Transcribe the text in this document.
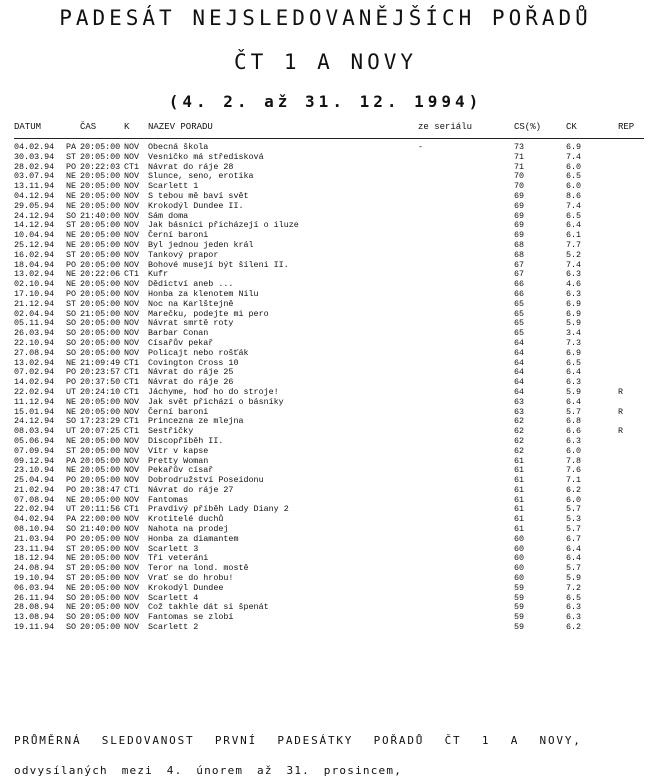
PADESÁT NEJSLEDOVANĚJŠÍCH POŘADŮ
ČT 1 A NOVY
(4. 2. až 31. 12. 1994)
DATUM	ČAS	K	NAZEV PORADU	ze seriálu	CS(%)	CK	REP
04.02.94	PA	20:05:00	NOV	Obecná škola	-	73	6.9	
30.03.94	ST	20:05:00	NOV	Vesničko má středisková		71	7.4	
28.02.94	PO	20:22:03	CT1	Návrat do ráje 28		71	6.0	
03.07.94	NE	20:05:00	NOV	Slunce, seno, erotika		70	6.5	
13.11.94	NE	20:05:00	NOV	Scarlett 1		70	6.0	
04.12.94	NE	20:05:00	NOV	S tebou mě baví svět		69	8.6	
29.05.94	NE	20:05:00	NOV	Krokodýl Dundee II.		69	7.4	
24.12.94	SO	21:40:00	NOV	Sám doma		69	6.5	
14.12.94	ST	20:05:00	NOV	Jak básníci přicházejí o iluze		69	6.4	
10.04.94	NE	20:05:00	NOV	Černí baroni		69	6.1	
25.12.94	NE	20:05:00	NOV	Byl jednou jeden král		68	7.7	
16.02.94	ST	20:05:00	NOV	Tankový prapor		68	5.2	
18.04.94	PO	20:05:00	NOV	Bohové musejí být šíleni II.		67	7.4	
13.02.94	NE	20:22:06	CT1	Kufr		67	6.3	
02.10.94	NE	20:05:00	NOV	Dědictví aneb ...		66	4.6	
17.10.94	PO	20:05:00	NOV	Honba za klenotem Nilu		66	6.3	
21.12.94	ST	20:05:00	NOV	Noc na Karlštejně		65	6.9	
02.04.94	SO	21:05:00	NOV	Marečku, podejte mi pero		65	6.9	
05.11.94	SO	20:05:00	NOV	Návrat smrtě roty		65	5.9	
26.03.94	SO	20:05:00	NOV	Barbar Conan		65	3.4	
22.10.94	SO	20:05:00	NOV	Císařův pekař		64	7.3	
27.08.94	SO	20:05:00	NOV	Policajt nebo rošťák		64	6.9	
13.02.94	NE	21:09:49	CT1	Covington Cross 10		64	6.5	
07.02.94	PO	20:23:57	CT1	Návrat do ráje 25		64	6.4	
14.02.94	PO	20:37:50	CT1	Návrat do ráje 26		64	6.3	
22.02.94	UT	20:24:10	CT1	Jáchyme, hoď ho do stroje!		64	5.9	R
11.12.94	NE	20:05:00	NOV	Jak svět přichází o básníky		63	6.4	
15.01.94	NE	20:05:00	NOV	Černí baroni		63	5.7	R
24.12.94	SO	17:23:29	CT1	Princezna ze mlejna		62	6.8	
08.03.94	UT	20:07:25	CT1	Sestřičky		62	6.6	R
05.06.94	NE	20:05:00	NOV	Discopříběh II.		62	6.3	
07.09.94	ST	20:05:00	NOV	Vítr v kapse		62	6.0	
09.12.94	PA	20:05:00	NOV	Pretty Woman		61	7.8	
23.10.94	NE	20:05:00	NOV	Pekařův císař		61	7.6	
25.04.94	PO	20:05:00	NOV	Dobrodružství Poseidonu		61	7.1	
21.02.94	PO	20:38:47	CT1	Návrat do ráje 27		61	6.2	
07.08.94	NE	20:05:00	NOV	Fantomas		61	6.0	
22.02.94	UT	20:11:56	CT1	Pravdivý příběh Lady Diany 2		61	5.7	
04.02.94	PA	22:00:00	NOV	Krotitelé duchů		61	5.3	
08.10.94	SO	21:40:00	NOV	Nahota na prodej		61	5.7	
21.03.94	PO	20:05:00	NOV	Honba za diamantem		60	6.7	
23.11.94	ST	20:05:00	NOV	Scarlett 3		60	6.4	
18.12.94	NE	20:05:00	NOV	Tři veteráni		60	6.4	
24.08.94	ST	20:05:00	NOV	Teror na lond. mostě		60	5.7	
19.10.94	ST	20:05:00	NOV	Vrať se do hrobu!		60	5.9	
06.03.94	NE	20:05:00	NOV	Krokodýl Dundee		59	7.2	
26.11.94	SO	20:05:00	NOV	Scarlett 4		59	6.5	
28.08.94	NE	20:05:00	NOV	Což takhle dát si špenát		59	6.3	
13.08.94	SO	20:05:00	NOV	Fantomas se zlobí		59	6.3	
19.11.94	SO	20:05:00	NOV	Scarlett 2		59	6.2	
PRŮMĚRNÁ SLEDOVANOST PRVNÍ PADESÁTKY POŘADŮ ČT 1 A NOVY,
odvysílaných mezi 4. únorem až 31. prosincem,
